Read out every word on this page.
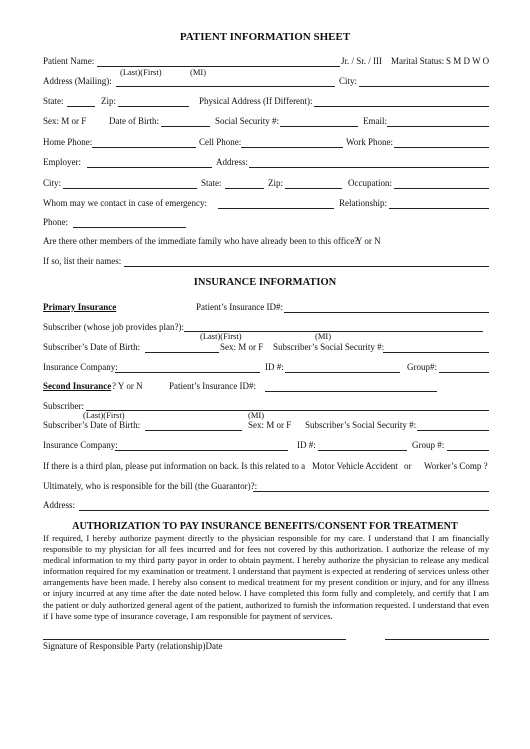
PATIENT INFORMATION SHEET
Patient Name:	Jr. / Sr. / III Marital Status: S M D W O
(Last)(First)	(MI)
Address (Mailing):	City:
State:	Zip:	Physical Address (If Different):
Sex: M or F	Date of Birth:	Social Security #:	Email:
Home Phone:	Cell Phone:	Work Phone:
Employer:	Address:
City:	State:	Zip:	Occupation:
Whom may we contact in case of emergency:	Relationship:
Phone:
Are there other members of the immediate family who have already been to this office?
Y or N
If so, list their names:
INSURANCE INFORMATION
Primary Insurance	Patient’s Insurance ID#:
Subscriber (whose job provides plan?):
(Last)(First)	(MI)
Subscriber’s Date of Birth:	Sex: M or F Subscriber’s Social Security #:
Insurance Company:	ID #:	Group#:
Second Insurance ? Y or N	Patient’s Insurance ID#:
Subscriber:
(Last)(First)	(MI)
Subscriber’s Date of Birth:	Sex: M or F Subscriber’s Social Security #:
Insurance Company:	ID #:	Group #:
If there is a third plan, please put information on back. Is this related to a Motor Vehicle Accident or Worker’s Comp ?
Ultimately, who is responsible for the bill (the Guarantor)?:
Address:
AUTHORIZATION TO PAY INSURANCE BENEFITS/CONSENT FOR TREATMENT
If required, I hereby authorize payment directly to the physician responsible for my care. I understand that I am financially responsible to my physician for all fees incurred and for fees not covered by this authorization. I authorize the release of my medical information to my third party payor in order to obtain payment. I hereby authorize the physician to release any medical information required for my examination or treatment. I understand that payment is expected at rendering of services unless other arrangements have been made. I hereby also consent to medical treatment for my present condition or injury, and for any illness or injury incurred at any time after the date noted below. I have completed this form fully and completely, and certify that I am the patient or duly authorized general agent of the patient, authorized to furnish the information requested. I understand that even if I have some type of insurance coverage, I am responsible for payment of services.
Signature of Responsible Party (relationship)Date
